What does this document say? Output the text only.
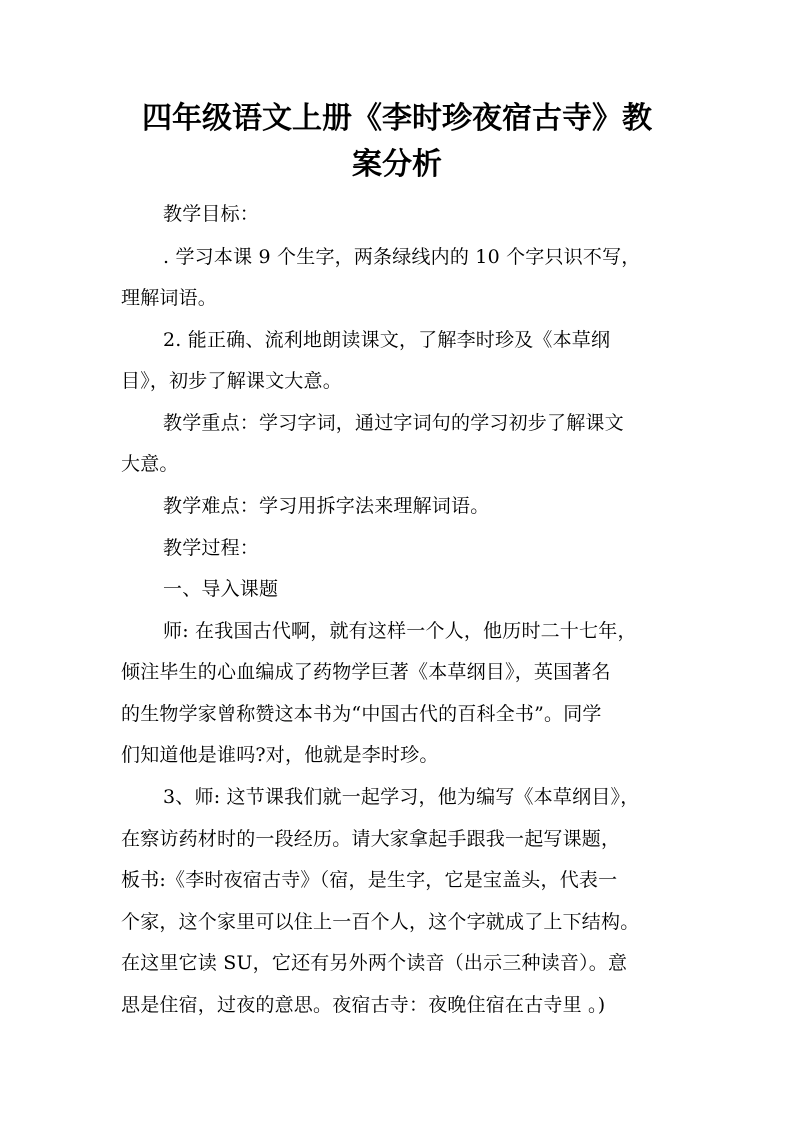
四年级语文上册《李时珍夜宿古寺》教
案分析
教学目标：
. 学习本课 9 个生字，两条绿线内的 10 个字只识不写，
理解词语。
2. 能正确、流利地朗读课文，了解李时珍及《本草纲
目》，初步了解课文大意。
教学重点：学习字词，通过字词句的学习初步了解课文
大意。
教学难点：学习用拆字法来理解词语。
教学过程：
一、导入课题
师: 在我国古代啊，就有这样一个人，他历时二十七年，
倾注毕生的心血编成了药物学巨著《本草纲目》，英国著名
的生物学家曾称赞这本书为“中国古代的百科全书”。同学
们知道他是谁吗?对，他就是李时珍。
3、师: 这节课我们就一起学习，他为编写《本草纲目》，
在察访药材时的一段经历。请大家拿起手跟我一起写课题，
板书:《李时夜宿古寺》（宿，是生字，它是宝盖头，代表一
个家，这个家里可以住上一百个人，这个字就成了上下结构。
在这里它读 SU，它还有另外两个读音（出示三种读音）。意
思是住宿，过夜的意思。夜宿古寺：夜晚住宿在古寺里 。)
